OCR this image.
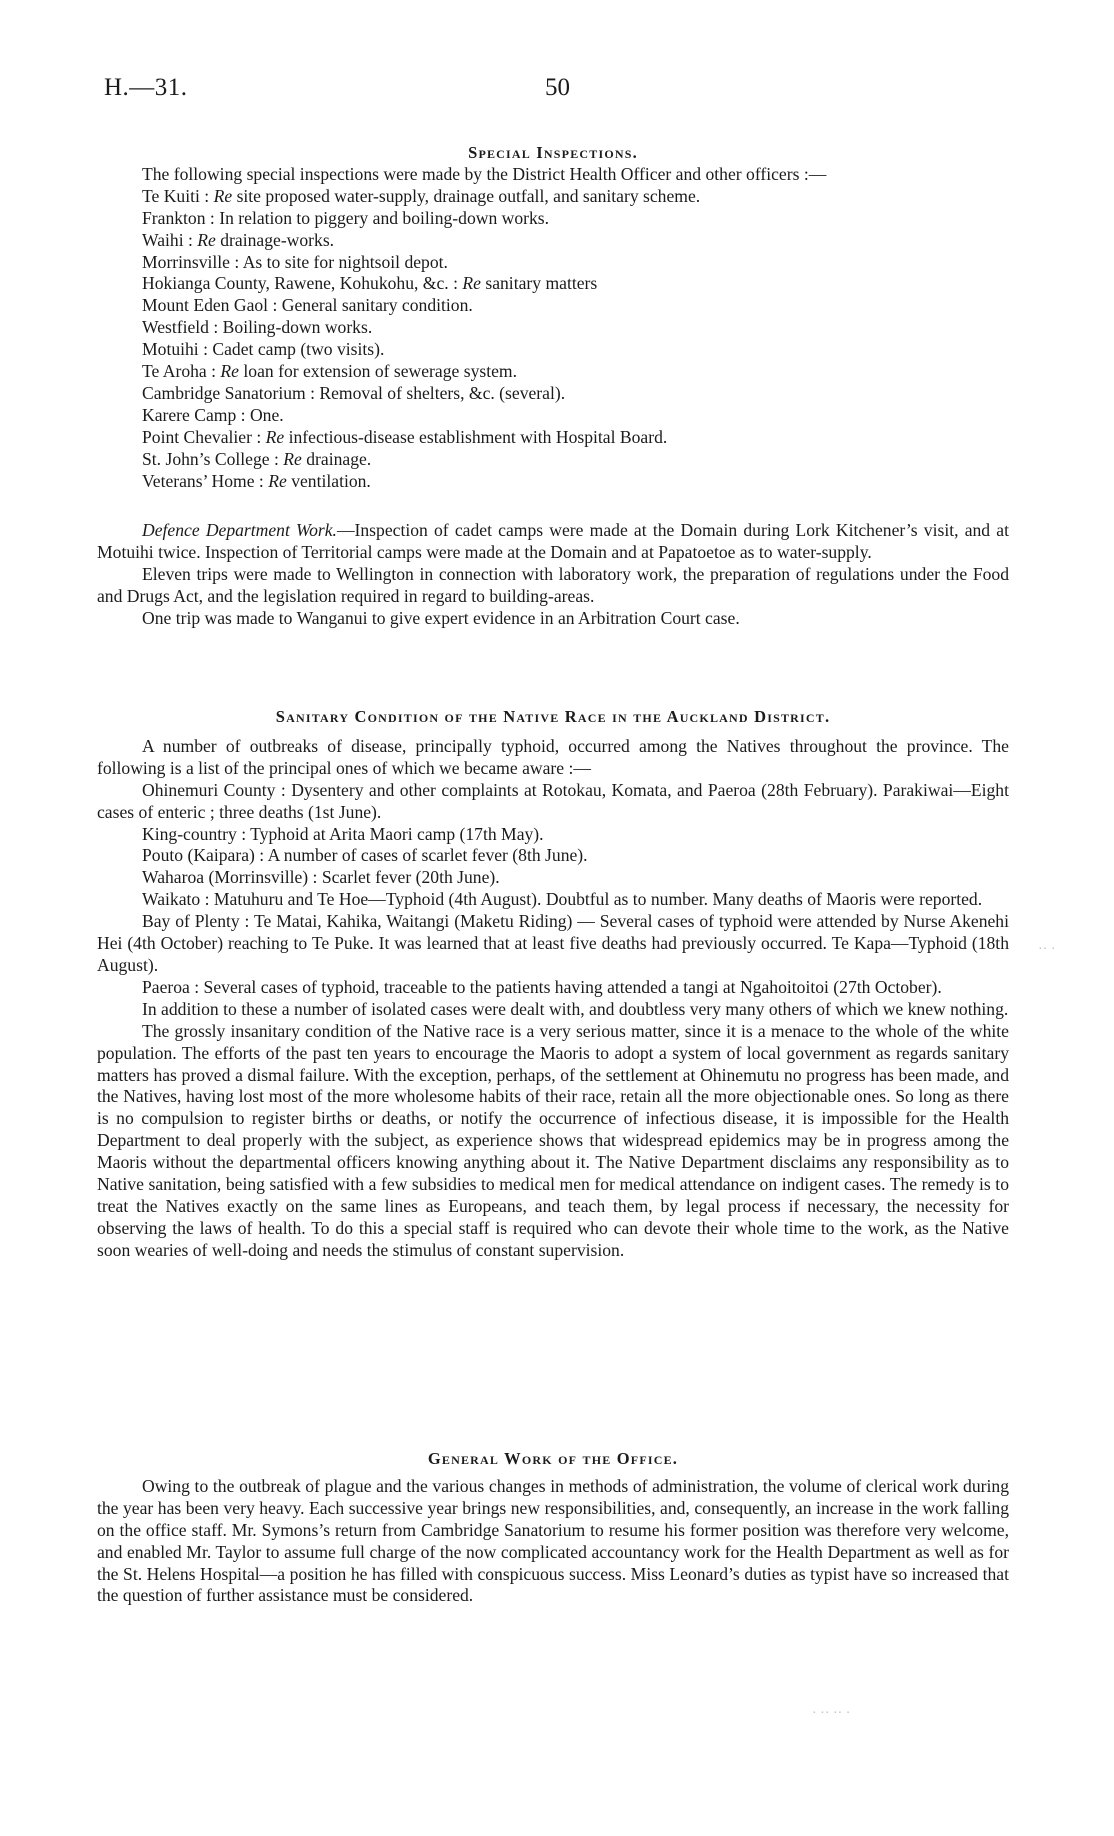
H.—31.	50
Special Inspections.

The following special inspections were made by the District Health Officer and other officers :—

Te Kuiti : Re site proposed water-supply, drainage outfall, and sanitary scheme.
Frankton : In relation to piggery and boiling-down works.
Waihi : Re drainage-works.
Morrinsville : As to site for nightsoil depot.
Hokianga County, Rawene, Kohukohu, &c. : Re sanitary matters
Mount Eden Gaol : General sanitary condition.
Westfield : Boiling-down works.
Motuihi : Cadet camp (two visits).
Te Aroha : Re loan for extension of sewerage system.
Cambridge Sanatorium : Removal of shelters, &c. (several).
Karere Camp : One.
Point Chevalier : Re infectious-disease establishment with Hospital Board.
St. John’s College : Re drainage.
Veterans’ Home : Re ventilation.

Defence Department Work.—Inspection of cadet camps were made at the Domain during Lork Kitchener’s visit, and at Motuihi twice. Inspection of Territorial camps were made at the Domain and at Papatoetoe as to water-supply.

Eleven trips were made to Wellington in connection with laboratory work, the preparation of regulations under the Food and Drugs Act, and the legislation required in regard to building-areas.

One trip was made to Wanganui to give expert evidence in an Arbitration Court case.

Sanitary Condition of the Native Race in the Auckland District.

A number of outbreaks of disease, principally typhoid, occurred among the Natives throughout the province. The following is a list of the principal ones of which we became aware :—

Ohinemuri County : Dysentery and other complaints at Rotokau, Komata, and Paeroa (28th February). Parakiwai—Eight cases of enteric ; three deaths (1st June).

King-country : Typhoid at Arita Maori camp (17th May).

Pouto (Kaipara) : A number of cases of scarlet fever (8th June).

Waharoa (Morrinsville) : Scarlet fever (20th June).

Waikato : Matuhuru and Te Hoe—Typhoid (4th August). Doubtful as to number. Many deaths of Maoris were reported.

Bay of Plenty : Te Matai, Kahika, Waitangi (Maketu Riding) — Several cases of typhoid were attended by Nurse Akenehi Hei (4th October) reaching to Te Puke. It was learned that at least five deaths had previously occurred. Te Kapa—Typhoid (18th August).

Paeroa : Several cases of typhoid, traceable to the patients having attended a tangi at Ngahoitoitoi (27th October).

In addition to these a number of isolated cases were dealt with, and doubtless very many others of which we knew nothing.

The grossly insanitary condition of the Native race is a very serious matter, since it is a menace to the whole of the white population. The efforts of the past ten years to encourage the Maoris to adopt a system of local government as regards sanitary matters has proved a dismal failure. With the exception, perhaps, of the settlement at Ohinemutu no progress has been made, and the Natives, having lost most of the more wholesome habits of their race, retain all the more objectionable ones. So long as there is no compulsion to register births or deaths, or notify the occurrence of infectious disease, it is impossible for the Health Department to deal properly with the subject, as experience shows that widespread epidemics may be in progress among the Maoris without the departmental officers knowing anything about it. The Native Department disclaims any responsibility as to Native sanitation, being satisfied with a few subsidies to medical men for medical attendance on indigent cases. The remedy is to treat the Natives exactly on the same lines as Europeans, and teach them, by legal process if necessary, the necessity for observing the laws of health. To do this a special staff is required who can devote their whole time to the work, as the Native soon wearies of well-doing and needs the stimulus of constant supervision.

General Work of the Office.

Owing to the outbreak of plague and the various changes in methods of administration, the volume of clerical work during the year has been very heavy. Each successive year brings new responsibilities, and, consequently, an increase in the work falling on the office staff. Mr. Symons’s return from Cambridge Sanatorium to resume his former position was therefore very welcome, and enabled Mr. Taylor to assume full charge of the now complicated accountancy work for the Health Department as well as for the St. Helens Hospital—a position he has filled with conspicuous success. Miss Leonard’s duties as typist have so increased that the question of further assistance must be considered.

·· ·
· ·· ·· ·
